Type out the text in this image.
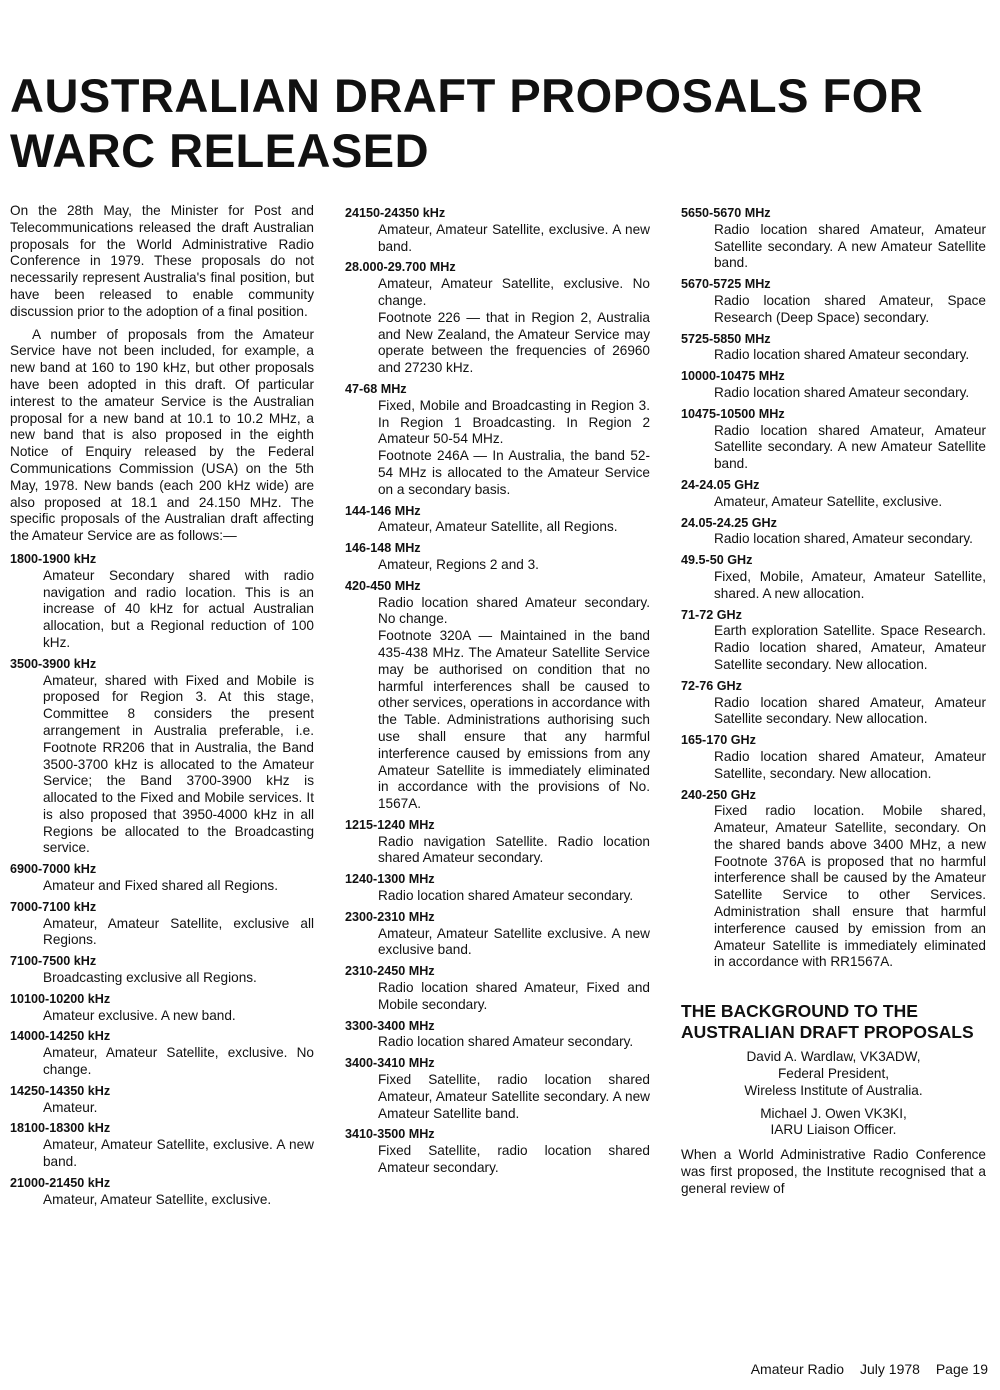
AUSTRALIAN DRAFT PROPOSALS FOR WARC RELEASED

On the 28th May, the Minister for Post and Telecommunications released the draft Australian proposals for the World Administrative Radio Conference in 1979. These proposals do not necessarily represent Australia's final position, but have been released to enable community discussion prior to the adoption of a final position.

A number of proposals from the Amateur Service have not been included, for example, a new band at 160 to 190 kHz, but other proposals have been adopted in this draft. Of particular interest to the amateur Service is the Australian proposal for a new band at 10.1 to 10.2 MHz, a new band that is also proposed in the eighth Notice of Enquiry released by the Federal Communications Commission (USA) on the 5th May, 1978. New bands (each 200 kHz wide) are also proposed at 18.1 and 24.150 MHz. The specific proposals of the Australian draft affecting the Amateur Service are as follows:—

1800-1900 kHz

Amateur Secondary shared with radio navigation and radio location. This is an increase of 40 kHz for actual Australian allocation, but a Regional reduction of 100 kHz.

3500-3900 kHz

Amateur, shared with Fixed and Mobile is proposed for Region 3. At this stage, Committee 8 considers the present arrangement in Australia preferable, i.e. Footnote RR206 that in Australia, the Band 3500-3700 kHz is allocated to the Amateur Service; the Band 3700-3900 kHz is allocated to the Fixed and Mobile services. It is also proposed that 3950-4000 kHz in all Regions be allocated to the Broadcasting service.

6900-7000 kHz

Amateur and Fixed shared all Regions.

7000-7100 kHz

Amateur, Amateur Satellite, exclusive all Regions.

7100-7500 kHz

Broadcasting exclusive all Regions.

10100-10200 kHz

Amateur exclusive. A new band.

14000-14250 kHz

Amateur, Amateur Satellite, exclusive. No change.

14250-14350 kHz

Amateur.

18100-18300 kHz

Amateur, Amateur Satellite, exclusive. A new band.

21000-21450 kHz

Amateur, Amateur Satellite, exclusive.

24150-24350 kHz

Amateur, Amateur Satellite, exclusive. A new band.

28.000-29.700 MHz

Amateur, Amateur Satellite, exclusive. No change.

Footnote 226 — that in Region 2, Australia and New Zealand, the Amateur Service may operate between the frequencies of 26960 and 27230 kHz.

47-68 MHz

Fixed, Mobile and Broadcasting in Region 3. In Region 1 Broadcasting. In Region 2 Amateur 50-54 MHz.

Footnote 246A — In Australia, the band 52-54 MHz is allocated to the Amateur Service on a secondary basis.

144-146 MHz

Amateur, Amateur Satellite, all Regions.

146-148 MHz

Amateur, Regions 2 and 3.

420-450 MHz

Radio location shared Amateur secondary. No change.

Footnote 320A — Maintained in the band 435-438 MHz. The Amateur Satellite Service may be authorised on condition that no harmful interferences shall be caused to other services, operations in accordance with the Table. Administrations authorising such use shall ensure that any harmful interference caused by emissions from any Amateur Satellite is immediately eliminated in accordance with the provisions of No. 1567A.

1215-1240 MHz

Radio navigation Satellite. Radio location shared Amateur secondary.

1240-1300 MHz

Radio location shared Amateur secondary.

2300-2310 MHz

Amateur, Amateur Satellite exclusive. A new exclusive band.

2310-2450 MHz

Radio location shared Amateur, Fixed and Mobile secondary.

3300-3400 MHz

Radio location shared Amateur secondary.

3400-3410 MHz

Fixed Satellite, radio location shared Amateur, Amateur Satellite secondary. A new Amateur Satellite band.

3410-3500 MHz

Fixed Satellite, radio location shared Amateur secondary.

5650-5670 MHz

Radio location shared Amateur, Amateur Satellite secondary. A new Amateur Satellite band.

5670-5725 MHz

Radio location shared Amateur, Space Research (Deep Space) secondary.

5725-5850 MHz

Radio location shared Amateur secondary.

10000-10475 MHz

Radio location shared Amateur secondary.

10475-10500 MHz

Radio location shared Amateur, Amateur Satellite secondary. A new Amateur Satellite band.

24-24.05 GHz

Amateur, Amateur Satellite, exclusive.

24.05-24.25 GHz

Radio location shared, Amateur secondary.

49.5-50 GHz

Fixed, Mobile, Amateur, Amateur Satellite, shared. A new allocation.

71-72 GHz

Earth exploration Satellite. Space Research. Radio location shared, Amateur, Amateur Satellite secondary. New allocation.

72-76 GHz

Radio location shared Amateur, Amateur Satellite secondary. New allocation.

165-170 GHz

Radio location shared Amateur, Amateur Satellite, secondary. New allocation.

240-250 GHz

Fixed radio location. Mobile shared, Amateur, Amateur Satellite, secondary. On the shared bands above 3400 MHz, a new Footnote 376A is proposed that no harmful interference shall be caused by the Amateur Satellite Service to other Services. Administration shall ensure that harmful interference caused by emission from an Amateur Satellite is immediately eliminated in accordance with RR1567A.

THE BACKGROUND TO THE AUSTRALIAN DRAFT PROPOSALS

David A. Wardlaw, VK3ADW,

Federal President,

Wireless Institute of Australia.

Michael J. Owen VK3KI,

IARU Liaison Officer.

When a World Administrative Radio Conference was first proposed, the Institute recognised that a general review of

Amateur Radio July 1978 Page 19
